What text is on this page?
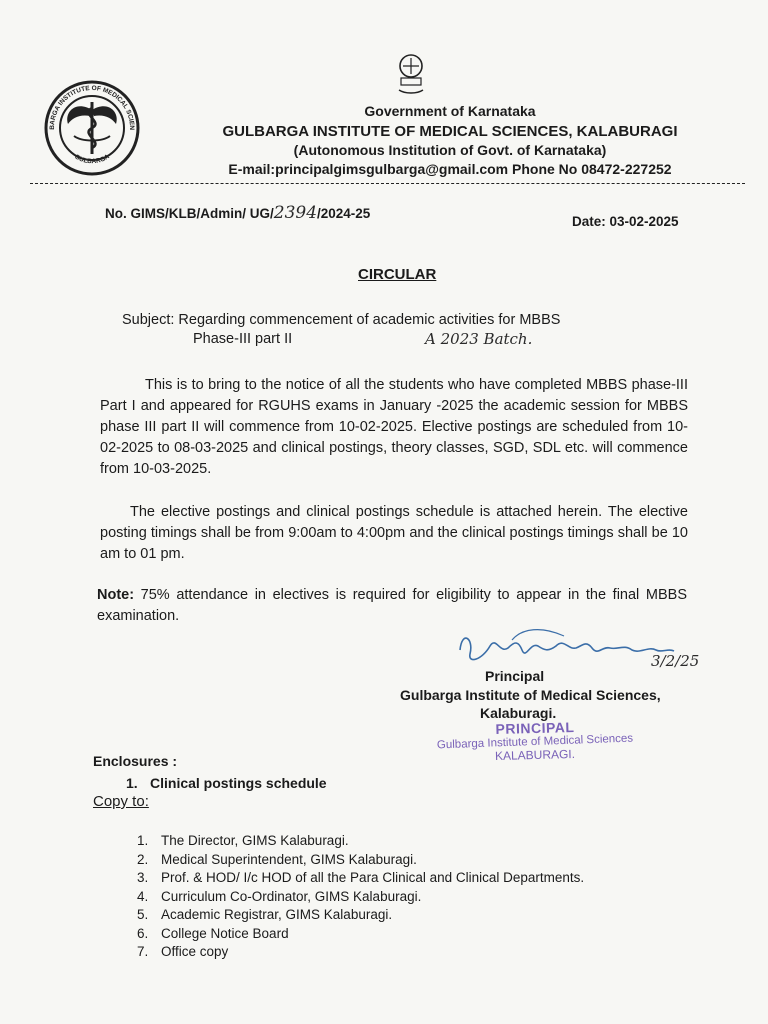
BARGA INSTITUTE OF MEDICAL SCIEN
GULBARGA
Government of Karnataka
GULBARGA INSTITUTE OF MEDICAL SCIENCES, KALABURAGI
(Autonomous Institution of Govt. of Karnataka)
E-mail:principalgimsgulbarga@gmail.com Phone No 08472-227252
No. GIMS/KLB/Admin/ UG/2394/2024-25
Date: 03-02-2025
CIRCULAR
Subject: Regarding commencement of academic activities for MBBS
Phase-III part II	A 2023 Batch.
This is to bring to the notice of all the students who have completed MBBS phase-III Part I and appeared for RGUHS exams in January -2025 the academic session for MBBS phase III part II will commence from 10-02-2025. Elective postings are scheduled from 10-02-2025 to 08-03-2025 and clinical postings, theory classes, SGD, SDL etc. will commence from 10-03-2025.
The elective postings and clinical postings schedule is attached herein. The elective posting timings shall be from 9:00am to 4:00pm and the clinical postings timings shall be 10 am to 01 pm.
Note: 75% attendance in electives is required for eligibility to appear in the final MBBS examination.
3/2/25
Principal
Gulbarga Institute of Medical Sciences,
Kalaburagi.
PRINCIPAL
Gulbarga Institute of Medical Sciences
KALABURAGI.
Enclosures :
1. Clinical postings schedule
Copy to:
1. The Director, GIMS Kalaburagi.
2. Medical Superintendent, GIMS Kalaburagi.
3. Prof. & HOD/ I/c HOD of all the Para Clinical and Clinical Departments.
4. Curriculum Co-Ordinator, GIMS Kalaburagi.
5. Academic Registrar, GIMS Kalaburagi.
6. College Notice Board
7. Office copy
